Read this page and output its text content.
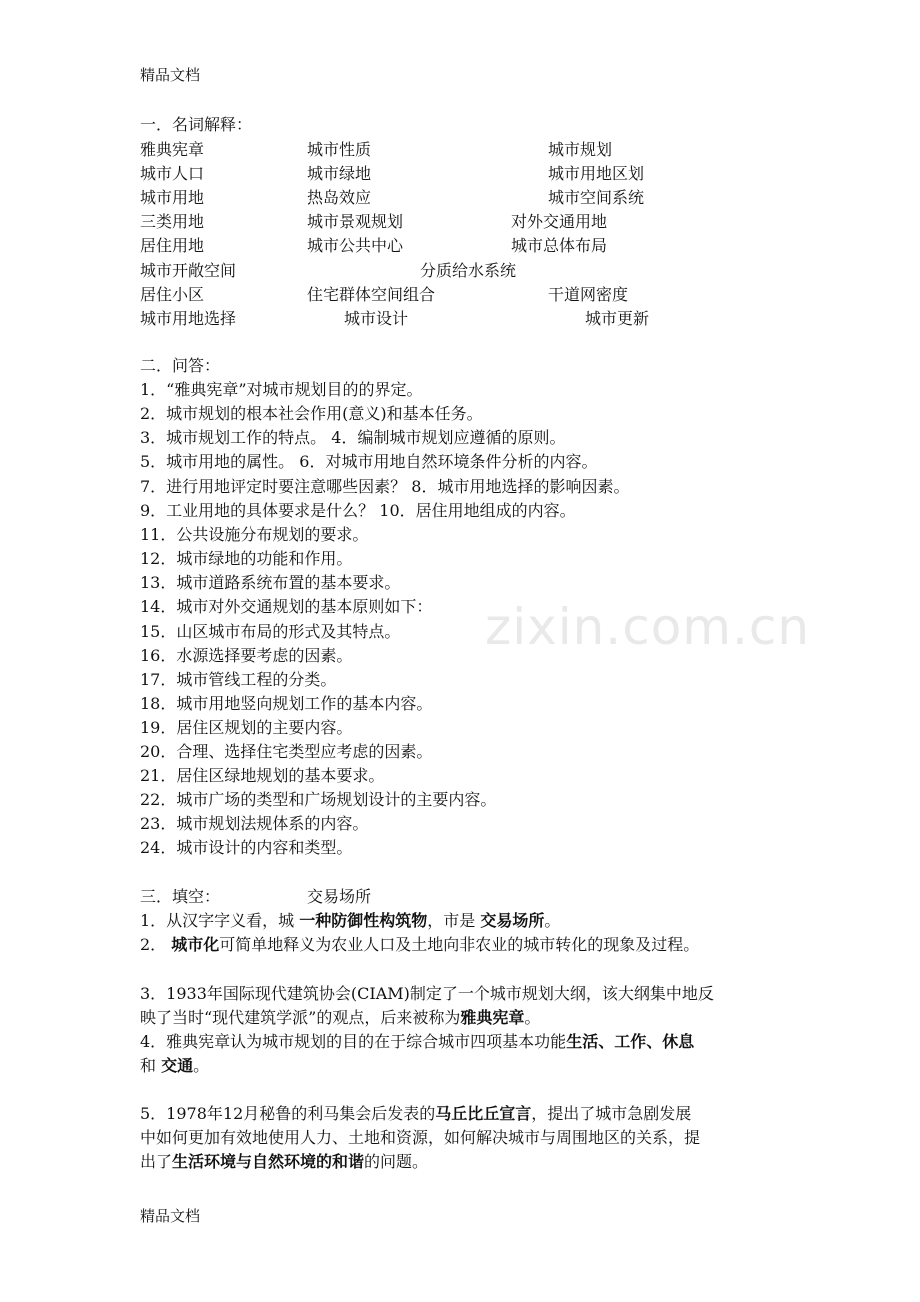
zixin.com.cn
精品文档
一．名词解释：
雅典宪章	城市性质	城市规划
城市人口	城市绿地	城市用地区划
城市用地	热岛效应	城市空间系统
三类用地	城市景观规划	对外交通用地
居住用地	城市公共中心	城市总体布局
城市开敞空间	分质给水系统
居住小区	住宅群体空间组合	干道网密度
城市用地选择	城市设计	城市更新
二．问答：
1．“雅典宪章”对城市规划目的的界定。
2．城市规划的根本社会作用(意义)和基本任务。
3．城市规划工作的特点。 4．编制城市规划应遵循的原则。
5．城市用地的属性。 6．对城市用地自然环境条件分析的内容。
7．进行用地评定时要注意哪些因素？ 8．城市用地选择的影响因素。
9．工业用地的具体要求是什么？ 10．居住用地组成的内容。
11．公共设施分布规划的要求。
12．城市绿地的功能和作用。
13．城市道路系统布置的基本要求。
14．城市对外交通规划的基本原则如下：
15．山区城市布局的形式及其特点。
16．水源选择要考虑的因素。
17．城市管线工程的分类。
18．城市用地竖向规划工作的基本内容。
19．居住区规划的主要内容。
20．合理、选择住宅类型应考虑的因素。
21．居住区绿地规划的基本要求。
22．城市广场的类型和广场规划设计的主要内容。
23．城市规划法规体系的内容。
24．城市设计的内容和类型。
三．填空：	交易场所
1．从汉字字义看，城 一种防御性构筑物，市是 交易场所。
2． 城市化可简单地释义为农业人口及土地向非农业的城市转化的现象及过程。
3．1933年国际现代建筑协会(CIAM)制定了一个城市规划大纲，该大纲集中地反
映了当时“现代建筑学派”的观点，后来被称为雅典宪章。
4．雅典宪章认为城市规划的目的在于综合城市四项基本功能生活、工作、休息
和 交通。
5．1978年12月秘鲁的利马集会后发表的马丘比丘宣言，提出了城市急剧发展
中如何更加有效地使用人力、土地和资源，如何解决城市与周围地区的关系，提
出了生活环境与自然环境的和谐的问题。
精品文档
